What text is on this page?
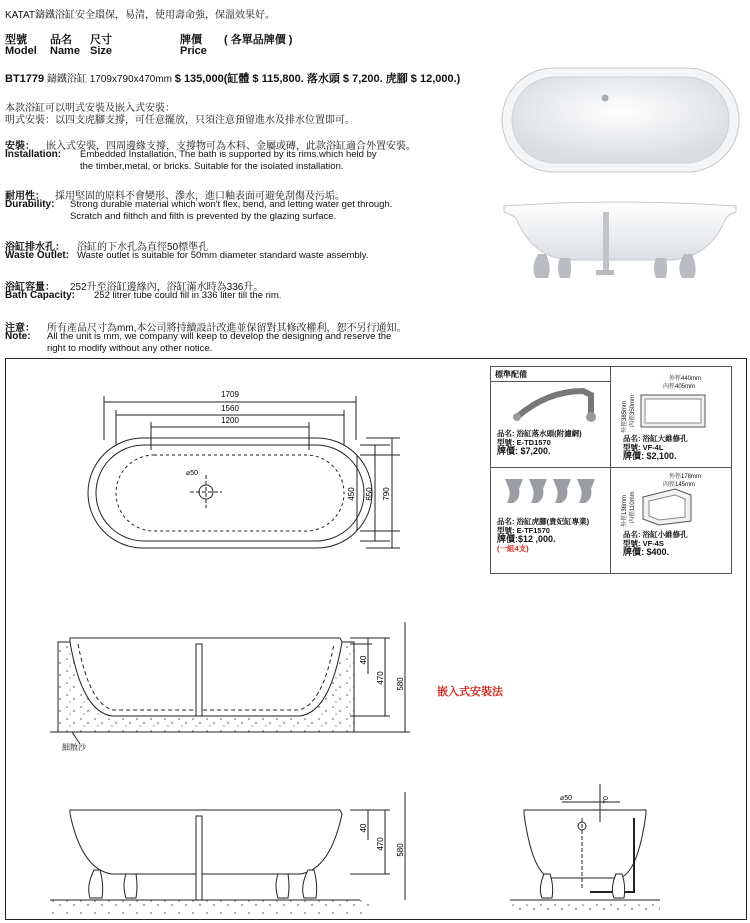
KATAT鑄鐵浴缸安全環保，易清，使用壽命強，保溫效果好。
型號 品名 尺寸	牌價 ( 各單品牌價 )
Model Name Size	Price
BT1779 鑄鐵浴缸 1709x790x470mm $ 135,000(缸體 $ 115,800. 落水頭 $ 7,200. 虎腳 $ 12,000.)
本款浴缸可以明式安裝及嵌入式安裝：
明式安裝：以四支虎腳支撐，可任意擺放，只須注意預留進水及排水位置即可。
安裝： 嵌入式安裝，四周邊緣支撐，支撐物可為木料、金屬或磚，此款浴缸適合外置安裝。
Installation: Embedded Installation, The bath is supported by its rims.which held by
the timber,metal, or bricks. Suitable for the isolated installation.
耐用性： 採用堅固的原料不會變形、滲水，進口釉表面可避免刮傷及污垢。
Durability: Strong durable material which won't flex, bend, and letting water get through.
Scratch and filthch and filth is prevented by the glazing surface.
浴缸排水孔： 浴缸的下水孔為直徑50標準孔
Waste Outlet: Waste outlet is suitable for 50mm diameter standard waste assembly.
浴缸容量： 252升至浴缸邊緣內，浴缸滿水時為336升。
Bath Capacity: 252 litrer tube could fill in 336 liter till the rim.
注意： 所有產品尺寸為mm,本公司將持續設計改進並保留對其修改權利，恕不另行通知。
Note: All the unit is mm, we company will keep to develop the designing and reserve the
right to modify without any other notice.
1709
1560
1200
⌀50
450 650 790
標準配備
品名: 浴缸落水頭(附濾網)
型號: E-TD1570
牌價: $7,200.
品名: 浴缸虎腳(貴妃缸專業)
型號: E-TF1570
牌價:$12 ,000.
(一組4支)
外徑440mm
內徑405mm
外徑385mm 內徑350mm
品名: 浴缸大維修孔
型號: VF-4L
牌價: $2,100.
外徑178mm
內徑145mm
外徑136mm 內徑110mm
品名: 浴缸小維修孔
型號: VF-4S
牌價: $400.
40
470 580
嵌入式安裝法
細散沙
40
470 580
⌀50	70
